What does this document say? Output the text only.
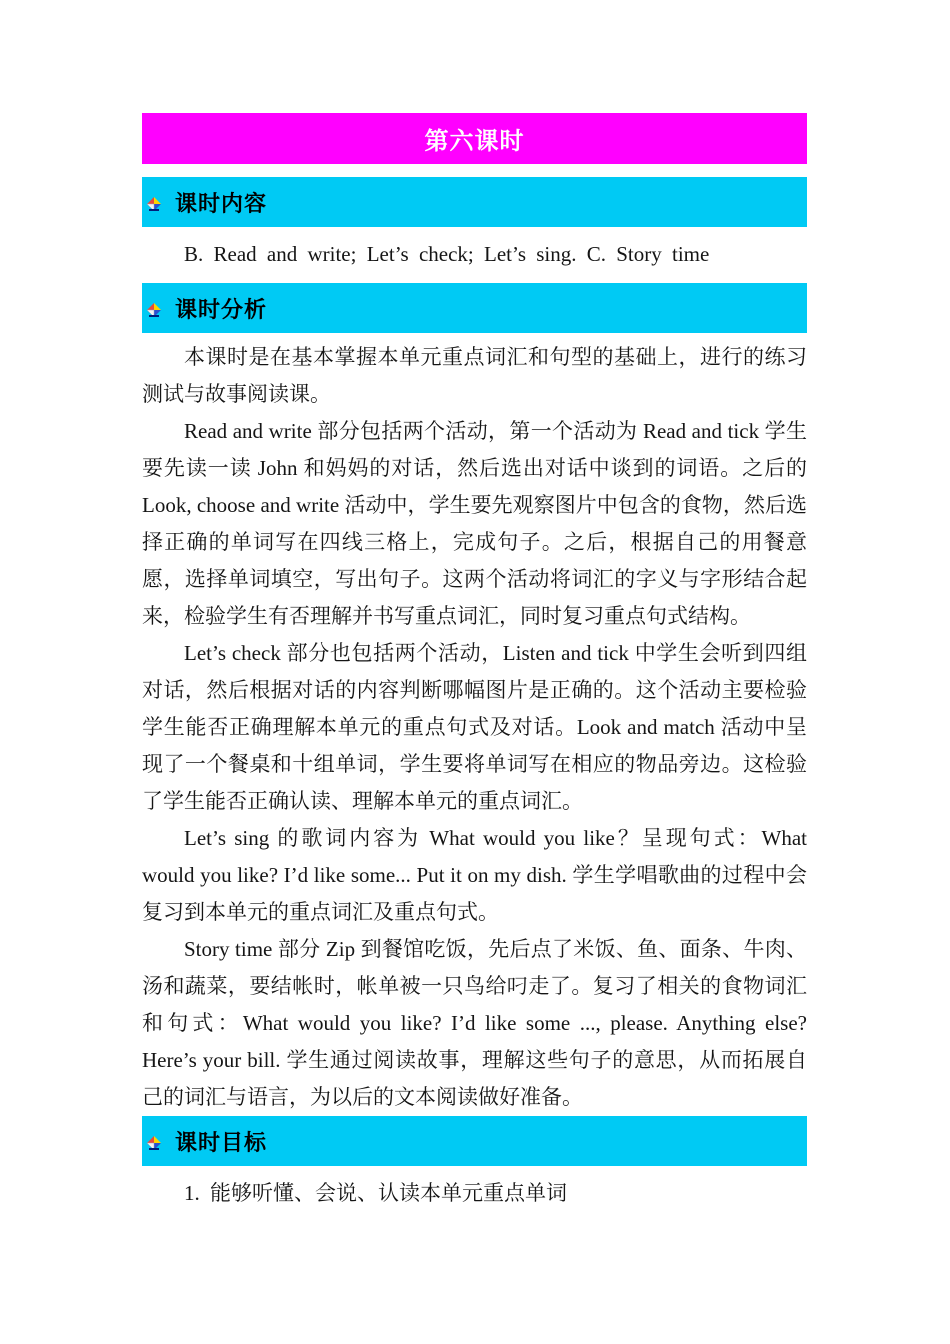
第六课时
课时内容

B. Read and write; Let’s check; Let’s sing. C. Story time

课时分析

本课时是在基本掌握本单元重点词汇和句型的基础上，进行的练习测试与故事阅读课。

Read and write 部分包括两个活动，第一个活动为 Read and tick 学生要先读一读 John 和妈妈的对话，然后选出对话中谈到的词语。之后的 Look, choose and write 活动中，学生要先观察图片中包含的食物，然后选择正确的单词写在四线三格上，完成句子。之后，根据自己的用餐意愿，选择单词填空，写出句子。这两个活动将词汇的字义与字形结合起来，检验学生有否理解并书写重点词汇，同时复习重点句式结构。

Let’s check 部分也包括两个活动，Listen and tick 中学生会听到四组对话，然后根据对话的内容判断哪幅图片是正确的。这个活动主要检验学生能否正确理解本单元的重点句式及对话。Look and match 活动中呈现了一个餐桌和十组单词，学生要将单词写在相应的物品旁边。这检验了学生能否正确认读、理解本单元的重点词汇。

Let’s sing 的歌词内容为 What would you like？呈现句式：What would you like? I’d like some... Put it on my dish. 学生学唱歌曲的过程中会复习到本单元的重点词汇及重点句式。

Story time 部分 Zip 到餐馆吃饭，先后点了米饭、鱼、面条、牛肉、汤和蔬菜，要结帐时，帐单被一只鸟给叼走了。复习了相关的食物词汇和句式：What would you like? I’d like some ..., please. Anything else? Here’s your bill. 学生通过阅读故事，理解这些句子的意思，从而拓展自己的词汇与语言，为以后的文本阅读做好准备。

课时目标

1. 能够听懂、会说、认读本单元重点单词
